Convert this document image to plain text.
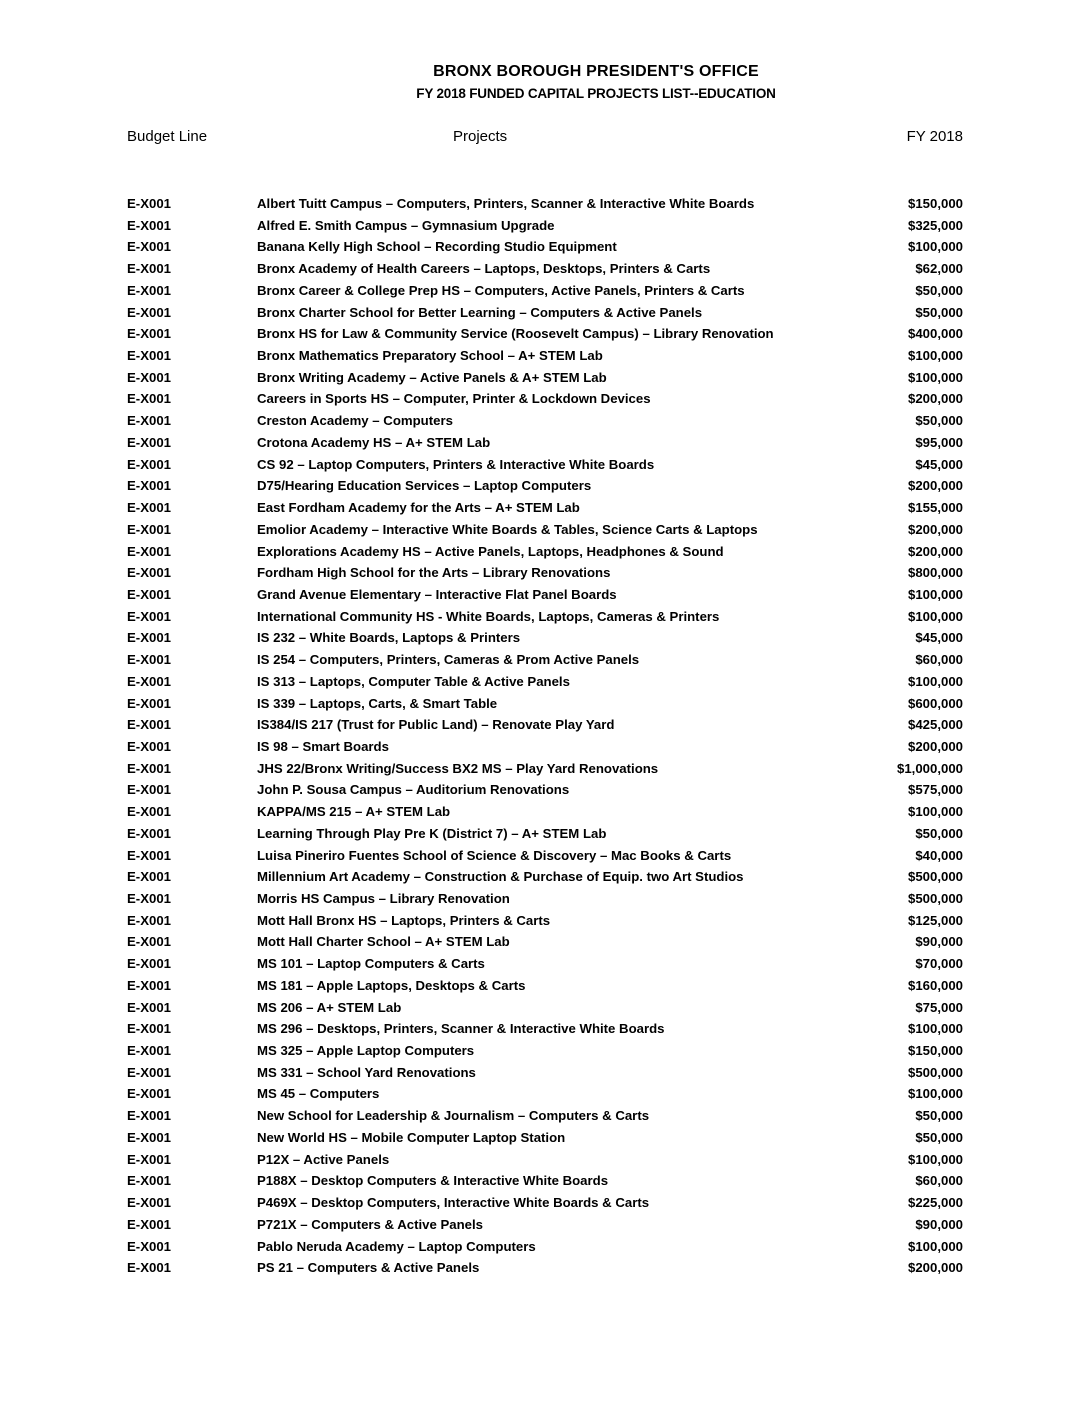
BRONX BOROUGH PRESIDENT'S OFFICE
FY 2018 FUNDED CAPITAL PROJECTS LIST--EDUCATION
Budget Line	Projects	FY 2018
E-X001	Albert Tuitt Campus – Computers, Printers, Scanner & Interactive White Boards	$150,000
E-X001	Alfred E. Smith Campus – Gymnasium Upgrade	$325,000
E-X001	Banana Kelly High School – Recording Studio Equipment	$100,000
E-X001	Bronx Academy of Health Careers – Laptops, Desktops, Printers & Carts	$62,000
E-X001	Bronx Career & College Prep HS – Computers, Active Panels, Printers & Carts	$50,000
E-X001	Bronx Charter School for Better Learning – Computers & Active Panels	$50,000
E-X001	Bronx HS for Law & Community Service (Roosevelt Campus) – Library Renovation	$400,000
E-X001	Bronx Mathematics Preparatory School – A+ STEM Lab	$100,000
E-X001	Bronx Writing Academy – Active Panels & A+ STEM Lab	$100,000
E-X001	Careers in Sports HS – Computer, Printer & Lockdown Devices	$200,000
E-X001	Creston Academy – Computers	$50,000
E-X001	Crotona Academy HS – A+ STEM Lab	$95,000
E-X001	CS 92 – Laptop Computers, Printers & Interactive White Boards	$45,000
E-X001	D75/Hearing Education Services – Laptop Computers	$200,000
E-X001	East Fordham Academy for the Arts – A+ STEM Lab	$155,000
E-X001	Emolior Academy – Interactive White Boards & Tables, Science Carts & Laptops	$200,000
E-X001	Explorations Academy HS – Active Panels, Laptops, Headphones & Sound	$200,000
E-X001	Fordham High School for the Arts – Library Renovations	$800,000
E-X001	Grand Avenue Elementary – Interactive Flat Panel Boards	$100,000
E-X001	International Community HS - White Boards, Laptops, Cameras & Printers	$100,000
E-X001	IS 232 – White Boards, Laptops & Printers	$45,000
E-X001	IS 254 – Computers, Printers, Cameras & Prom Active Panels	$60,000
E-X001	IS 313 – Laptops, Computer Table & Active Panels	$100,000
E-X001	IS 339 – Laptops, Carts, & Smart Table	$600,000
E-X001	IS384/IS 217 (Trust for Public Land) – Renovate Play Yard	$425,000
E-X001	IS 98 – Smart Boards	$200,000
E-X001	JHS 22/Bronx Writing/Success BX2 MS – Play Yard Renovations	$1,000,000
E-X001	John P. Sousa Campus – Auditorium Renovations	$575,000
E-X001	KAPPA/MS 215 – A+ STEM Lab	$100,000
E-X001	Learning Through Play Pre K (District 7) – A+ STEM Lab	$50,000
E-X001	Luisa Pineriro Fuentes School of Science & Discovery – Mac Books & Carts	$40,000
E-X001	Millennium Art Academy – Construction & Purchase of Equip. two Art Studios	$500,000
E-X001	Morris HS Campus – Library Renovation	$500,000
E-X001	Mott Hall Bronx HS – Laptops, Printers & Carts	$125,000
E-X001	Mott Hall Charter School – A+ STEM Lab	$90,000
E-X001	MS 101 – Laptop Computers & Carts	$70,000
E-X001	MS 181 – Apple Laptops, Desktops & Carts	$160,000
E-X001	MS 206 – A+ STEM Lab	$75,000
E-X001	MS 296 – Desktops, Printers, Scanner & Interactive White Boards	$100,000
E-X001	MS 325 – Apple Laptop Computers	$150,000
E-X001	MS 331 – School Yard Renovations	$500,000
E-X001	MS 45 – Computers	$100,000
E-X001	New School for Leadership & Journalism – Computers & Carts	$50,000
E-X001	New World HS – Mobile Computer Laptop Station	$50,000
E-X001	P12X – Active Panels	$100,000
E-X001	P188X – Desktop Computers & Interactive White Boards	$60,000
E-X001	P469X – Desktop Computers, Interactive White Boards & Carts	$225,000
E-X001	P721X – Computers & Active Panels	$90,000
E-X001	Pablo Neruda Academy – Laptop Computers	$100,000
E-X001	PS 21 – Computers & Active Panels	$200,000
